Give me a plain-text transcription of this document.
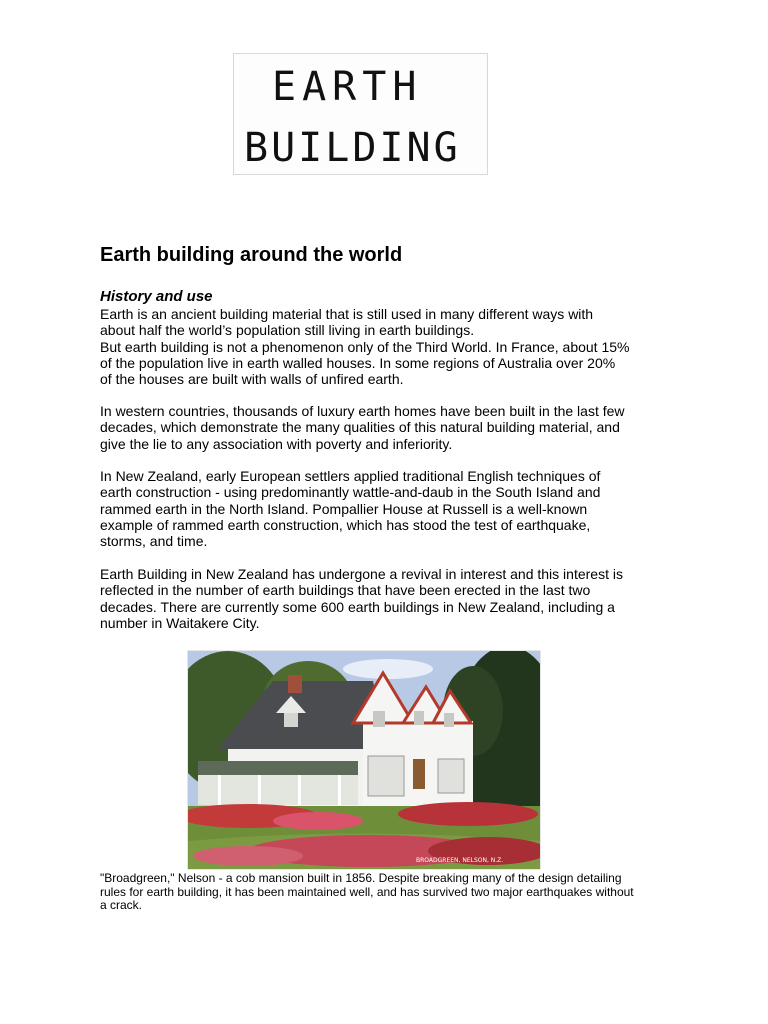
EARTH
BUILDING
Earth building around the world
History and use

Earth is an ancient building material that is still used in many different ways with about half the world’s population still living in earth buildings.
But earth building is not a phenomenon only of the Third World. In France, about 15% of the population live in earth walled houses. In some regions of Australia over 20% of the houses are built with walls of unfired earth.

In western countries, thousands of luxury earth homes have been built in the last few decades, which demonstrate the many qualities of this natural building material, and give the lie to any association with poverty and inferiority.

In New Zealand, early European settlers applied traditional English techniques of earth construction - using predominantly wattle-and-daub in the South Island and rammed earth in the North Island. Pompallier House at Russell is a well-known example of rammed earth construction, which has stood the test of earthquake, storms, and time.

Earth Building in New Zealand has undergone a revival in interest and this interest is reflected in the number of earth buildings that have been erected in the last two decades. There are currently some 600 earth buildings in New Zealand, including a number in Waitakere City.

BROADGREEN, NELSON, N.Z.

"Broadgreen," Nelson - a cob mansion built in 1856. Despite breaking many of the design detailing rules for earth building, it has been maintained well, and has survived two major earthquakes without a crack.
